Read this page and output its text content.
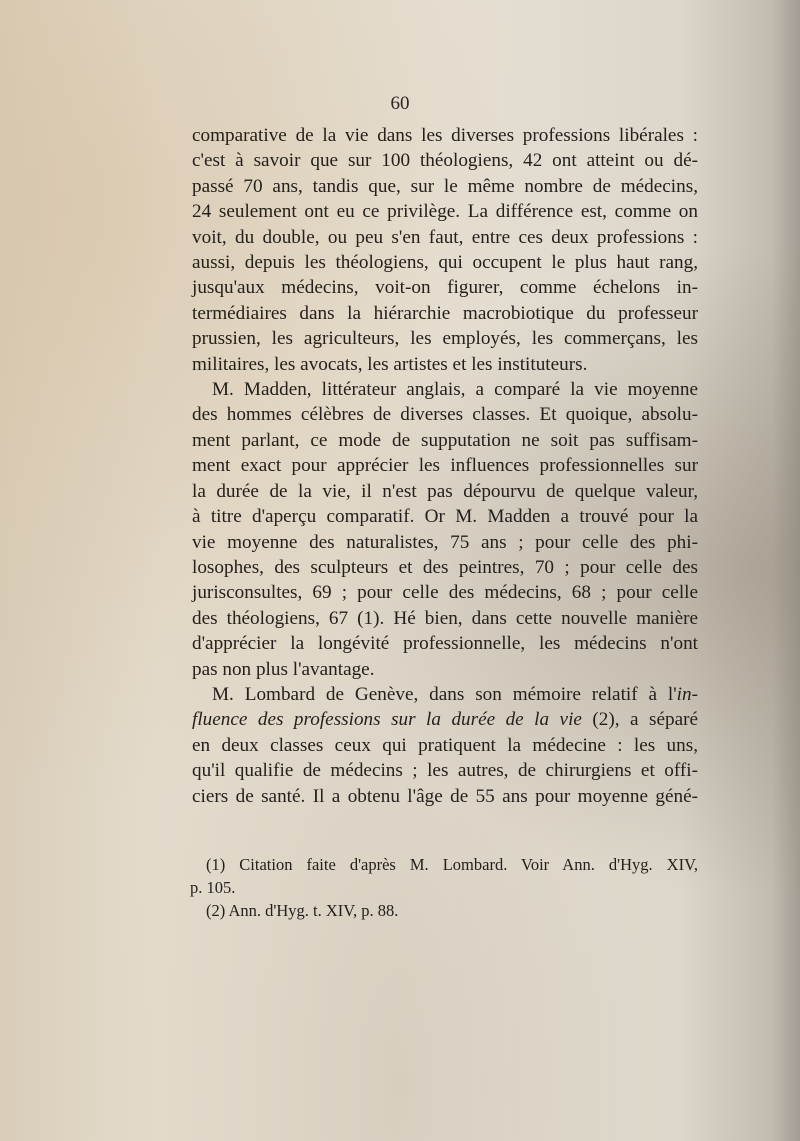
60
comparative de la vie dans les diverses professions libérales :
c'est à savoir que sur 100 théologiens, 42 ont atteint ou dé-
passé 70 ans, tandis que, sur le même nombre de médecins,
24 seulement ont eu ce privilège. La différence est, comme on
voit, du double, ou peu s'en faut, entre ces deux professions :
aussi, depuis les théologiens, qui occupent le plus haut rang,
jusqu'aux médecins, voit-on figurer, comme échelons in-
termédiaires dans la hiérarchie macrobiotique du professeur
prussien, les agriculteurs, les employés, les commerçans, les
militaires, les avocats, les artistes et les instituteurs.
M. Madden, littérateur anglais, a comparé la vie moyenne
des hommes célèbres de diverses classes. Et quoique, absolu-
ment parlant, ce mode de supputation ne soit pas suffisam-
ment exact pour apprécier les influences professionnelles sur
la durée de la vie, il n'est pas dépourvu de quelque valeur,
à titre d'aperçu comparatif. Or M. Madden a trouvé pour la
vie moyenne des naturalistes, 75 ans ; pour celle des phi-
losophes, des sculpteurs et des peintres, 70 ; pour celle des
jurisconsultes, 69 ; pour celle des médecins, 68 ; pour celle
des théologiens, 67 (1). Hé bien, dans cette nouvelle manière
d'apprécier la longévité professionnelle, les médecins n'ont
pas non plus l'avantage.
M. Lombard de Genève, dans son mémoire relatif à l'in-
fluence des professions sur la durée de la vie (2), a séparé
en deux classes ceux qui pratiquent la médecine : les uns,
qu'il qualifie de médecins ; les autres, de chirurgiens et offi-
ciers de santé. Il a obtenu l'âge de 55 ans pour moyenne géné-
(1) Citation faite d'après M. Lombard. Voir Ann. d'Hyg. XIV,
p. 105.
(2) Ann. d'Hyg. t. XIV, p. 88.
